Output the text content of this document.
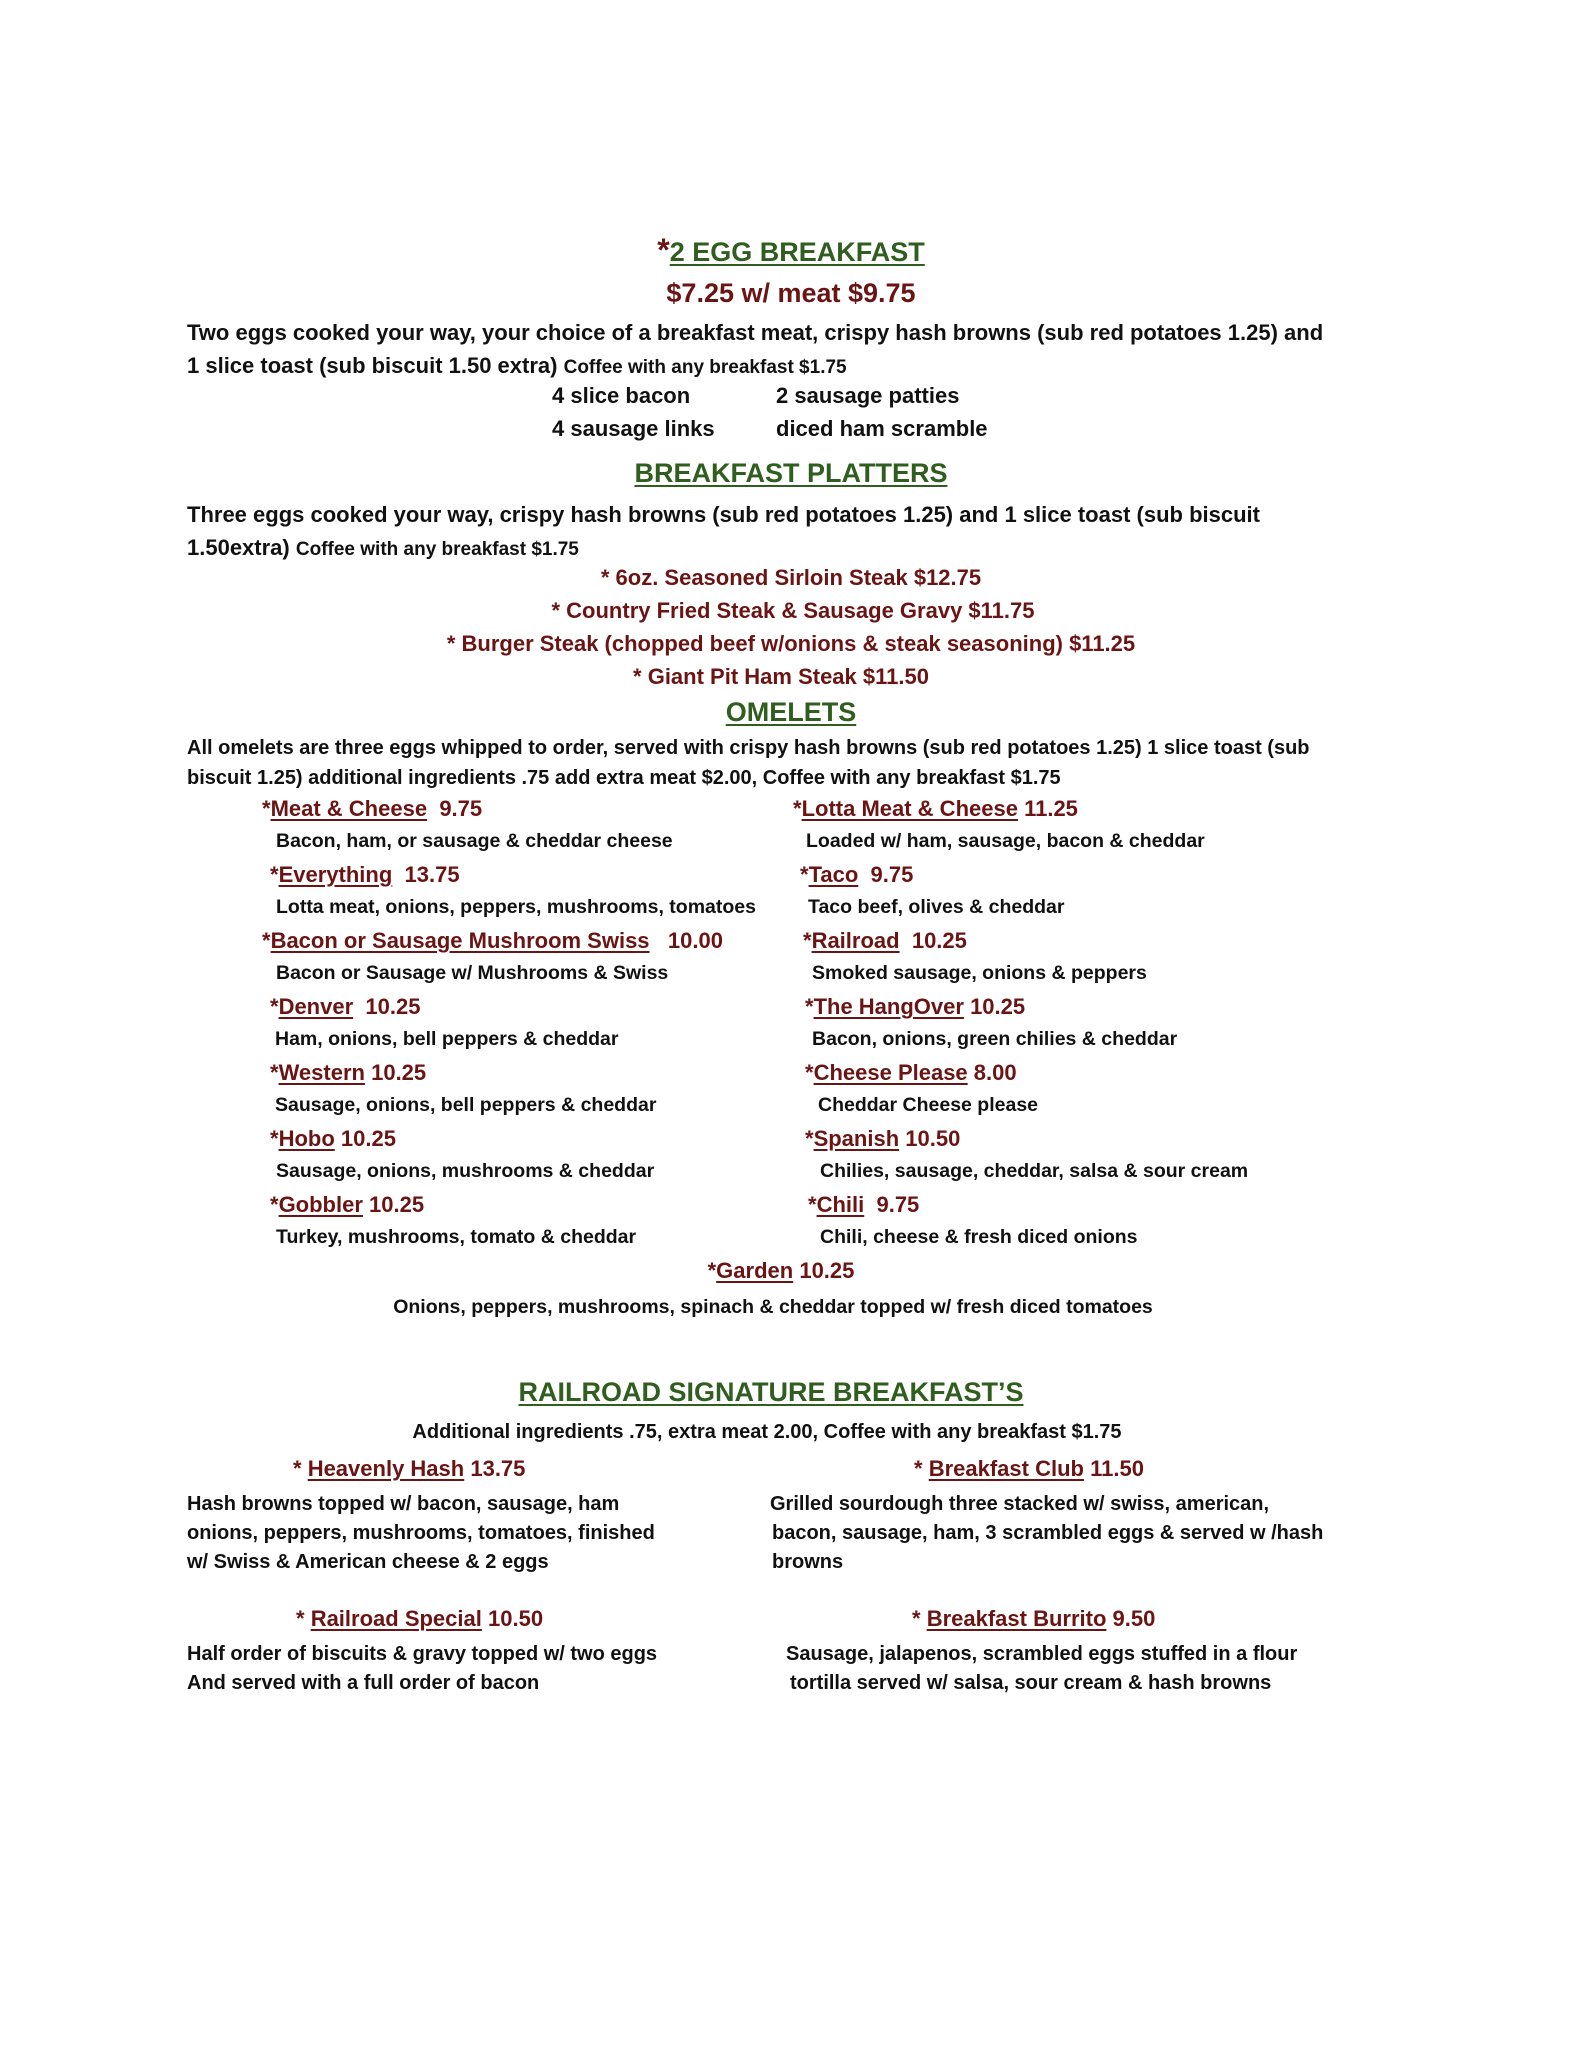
*2 EGG BREAKFAST
$7.25 w/ meat $9.75
Two eggs cooked your way, your choice of a breakfast meat, crispy hash browns (sub red potatoes 1.25) and
1 slice toast (sub biscuit 1.50 extra) Coffee with any breakfast $1.75
4 slice bacon	2 sausage patties
4 sausage links	diced ham scramble
BREAKFAST PLATTERS
Three eggs cooked your way, crispy hash browns (sub red potatoes 1.25) and 1 slice toast (sub biscuit
1.50extra) Coffee with any breakfast $1.75
* 6oz. Seasoned Sirloin Steak $12.75
* Country Fried Steak & Sausage Gravy $11.75
* Burger Steak (chopped beef w/onions & steak seasoning) $11.25
* Giant Pit Ham Steak $11.50
OMELETS
All omelets are three eggs whipped to order, served with crispy hash browns (sub red potatoes 1.25) 1 slice toast (sub
biscuit 1.25) additional ingredients .75 add extra meat $2.00, Coffee with any breakfast $1.75
*Meat & Cheese 9.75	*Lotta Meat & Cheese 11.25
Bacon, ham, or sausage & cheddar cheese	Loaded w/ ham, sausage, bacon & cheddar
*Everything 13.75	*Taco 9.75
Lotta meat, onions, peppers, mushrooms, tomatoes	Taco beef, olives & cheddar
*Bacon or Sausage Mushroom Swiss 10.00	*Railroad 10.25
Bacon or Sausage w/ Mushrooms & Swiss	Smoked sausage, onions & peppers
*Denver 10.25	*The HangOver 10.25
Ham, onions, bell peppers & cheddar	Bacon, onions, green chilies & cheddar
*Western 10.25	*Cheese Please 8.00
Sausage, onions, bell peppers & cheddar	Cheddar Cheese please
*Hobo 10.25	*Spanish 10.50
Sausage, onions, mushrooms & cheddar	Chilies, sausage, cheddar, salsa & sour cream
*Gobbler 10.25	*Chili 9.75
Turkey, mushrooms, tomato & cheddar	Chili, cheese & fresh diced onions
*Garden 10.25
Onions, peppers, mushrooms, spinach & cheddar topped w/ fresh diced tomatoes
RAILROAD SIGNATURE BREAKFAST’S
Additional ingredients .75, extra meat 2.00, Coffee with any breakfast $1.75
* Heavenly Hash 13.75	* Breakfast Club 11.50
Hash browns topped w/ bacon, sausage, ham
onions, peppers, mushrooms, tomatoes, finished
w/ Swiss & American cheese & 2 eggs
Grilled sourdough three stacked w/ swiss, american,
bacon, sausage, ham, 3 scrambled eggs & served w /hash
browns
* Railroad Special 10.50	* Breakfast Burrito 9.50
Half order of biscuits & gravy topped w/ two eggs
And served with a full order of bacon
Sausage, jalapenos, scrambled eggs stuffed in a flour
tortilla served w/ salsa, sour cream & hash browns
